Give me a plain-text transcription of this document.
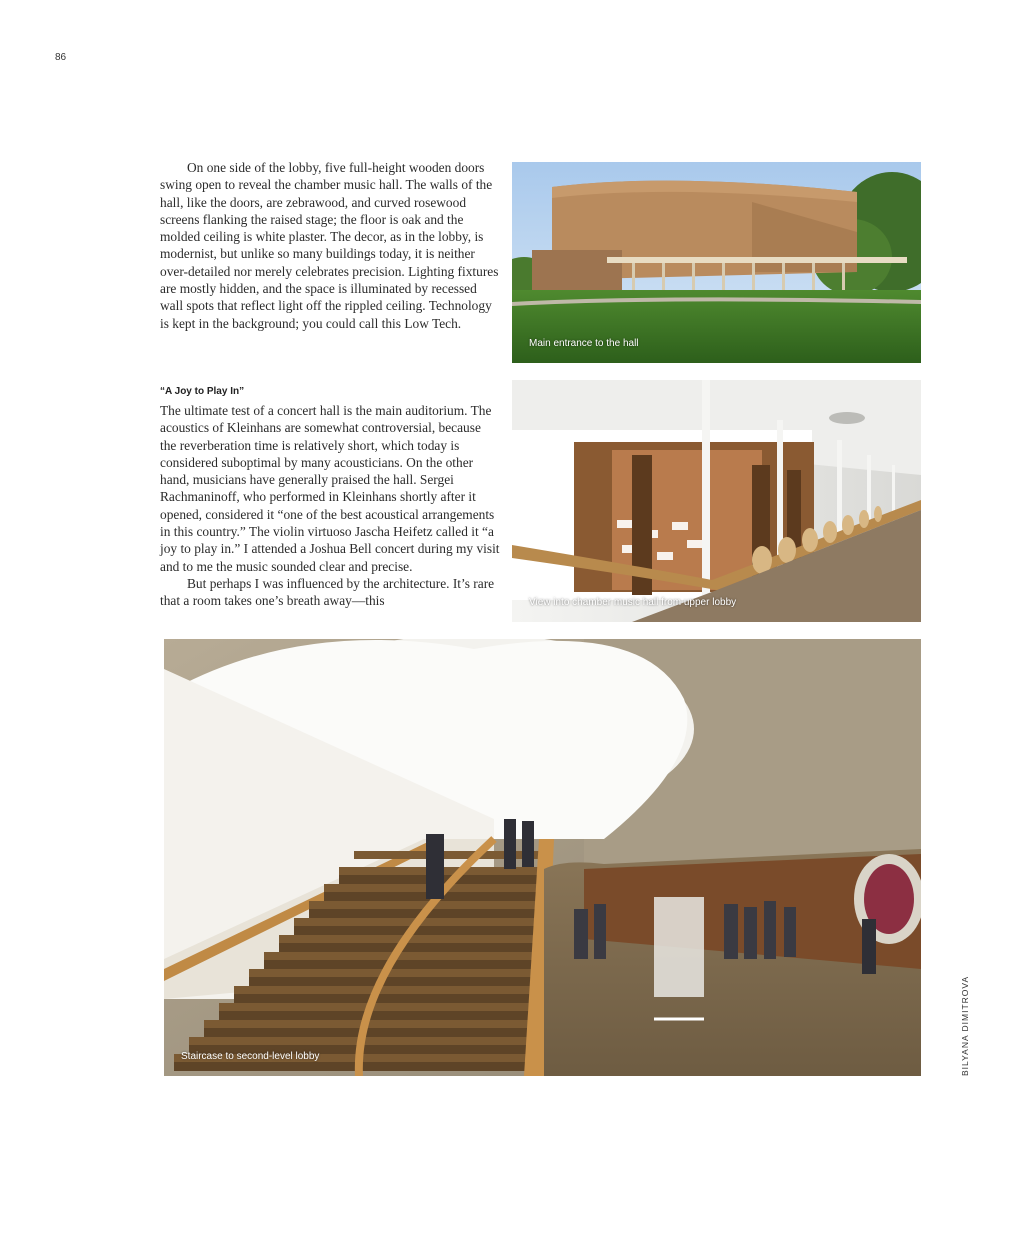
86

On one side of the lobby, five full-height wooden doors swing open to reveal the chamber music hall. The walls of the hall, like the doors, are zebrawood, and curved rosewood screens flanking the raised stage; the floor is oak and the molded ceiling is white plaster. The decor, as in the lobby, is modernist, but unlike so many buildings today, it is neither over-detailed nor merely celebrates precision. Lighting fixtures are mostly hidden, and the space is illuminated by recessed wall spots that reflect light off the rippled ceiling. Technology is kept in the background; you could call this Low Tech.

“A Joy to Play In”

The ultimate test of a concert hall is the main auditorium. The acoustics of Kleinhans are somewhat controversial, because the reverberation time is relatively short, which today is considered suboptimal by many acousticians. On the other hand, musicians have generally praised the hall. Sergei Rachmaninoff, who performed in Kleinhans shortly after it opened, considered it “one of the best acoustical arrangements in this country.” The violin virtuoso Jascha Heifetz called it “a joy to play in.” I attended a Joshua Bell concert during my visit and to me the music sounded clear and precise.

But perhaps I was influenced by the architecture. It’s rare that a room takes one’s breath away—this

Main entrance to the hall
View into chamber music hall from upper lobby
Staircase to second-level lobby	BILYANA DIMITROVA
